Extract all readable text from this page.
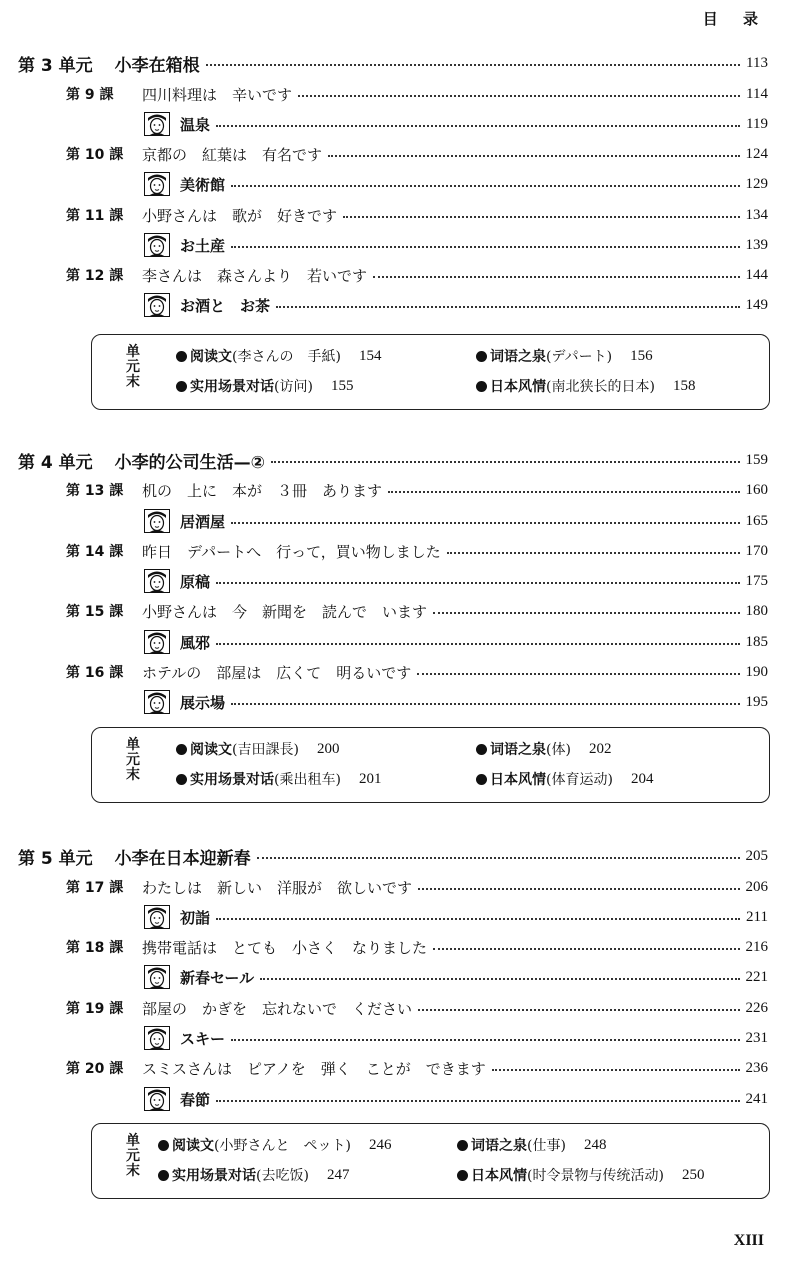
目 录
第 3 单元 小李在箱根	113
第 9 課	四川料理は　辛いです	114
温泉	119
第 10 課	京都の　紅葉は　有名です	124
美術館	129
第 11 課	小野さんは　歌が　好きです	134
お土産	139
第 12 課	李さんは　森さんより　若いです	144
お酒と　お茶	149
单
元
末
阅读文 (李さんの　手紙) 154	词语之泉 (デパート) 156
实用场景对话 (访问) 155	日本风情 (南北狭长的日本) 158
第 4 单元 小李的公司生活—②	159
第 13 課	机の　上に　本が　３冊　あります	160
居酒屋	165
第 14 課	昨日　デパートへ　行って，買い物しました	170
原稿	175
第 15 課	小野さんは　今　新聞を　読んで　います	180
風邪	185
第 16 課	ホテルの　部屋は　広くて　明るいです	190
展示場	195
单
元
末
阅读文 (吉田課長) 200	词语之泉 (体) 202
实用场景对话 (乘出租车) 201	日本风情 (体育运动) 204
第 5 单元 小李在日本迎新春	205
第 17 課	わたしは　新しい　洋服が　欲しいです	206
初詣	211
第 18 課	携帯電話は　とても　小さく　なりました	216
新春セール	221
第 19 課	部屋の　かぎを　忘れないで　ください	226
スキー	231
第 20 課	スミスさんは　ピアノを　弾く　ことが　できます	236
春節	241
单
元
末
阅读文 (小野さんと　ペット) 246	词语之泉 (仕事) 248
实用场景对话 (去吃饭) 247	日本风情 (时令景物与传统活动) 250
XIII
